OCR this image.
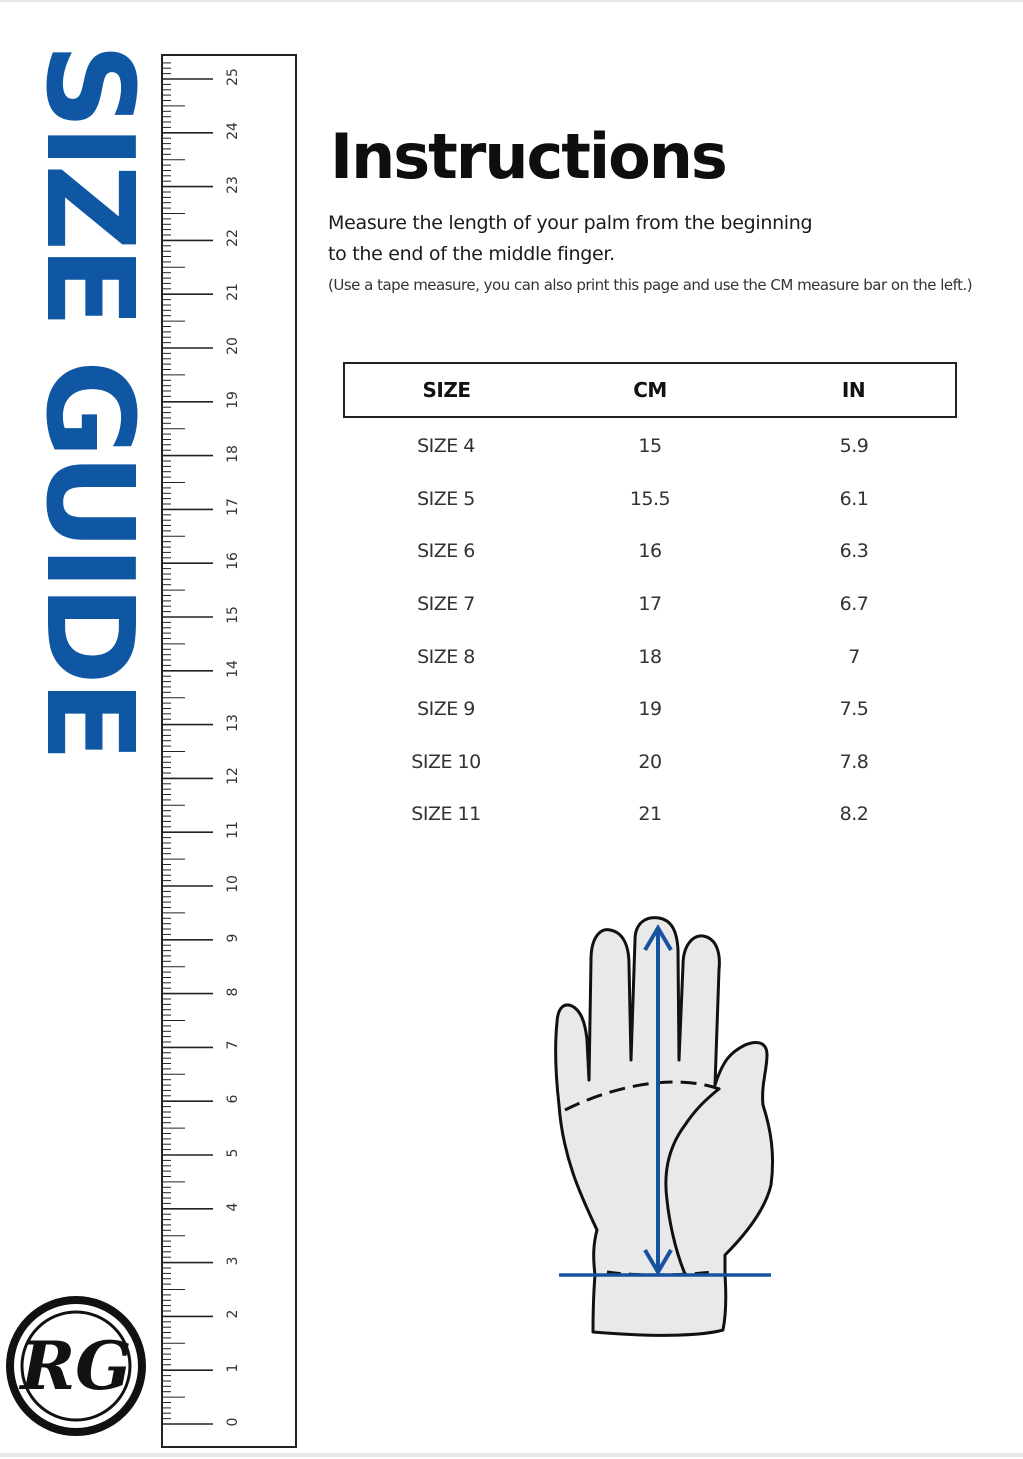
SIZE GUIDE
0
1
2
3
4
5
6
7
8
9
10
11
12
13
14
15
16
17
18
19
20
21
22
23
24
25
RG
Instructions
Measure the length of your palm from the beginning
to the end of the middle finger.
(Use a tape measure, you can also print this page and use the CM measure bar on the left.)
SIZE	CM	IN
SIZE 4	15	5.9
SIZE 5	15.5	6.1
SIZE 6	16	6.3
SIZE 7	17	6.7
SIZE 8	18	7
SIZE 9	19	7.5
SIZE 10	20	7.8
SIZE 11	21	8.2
